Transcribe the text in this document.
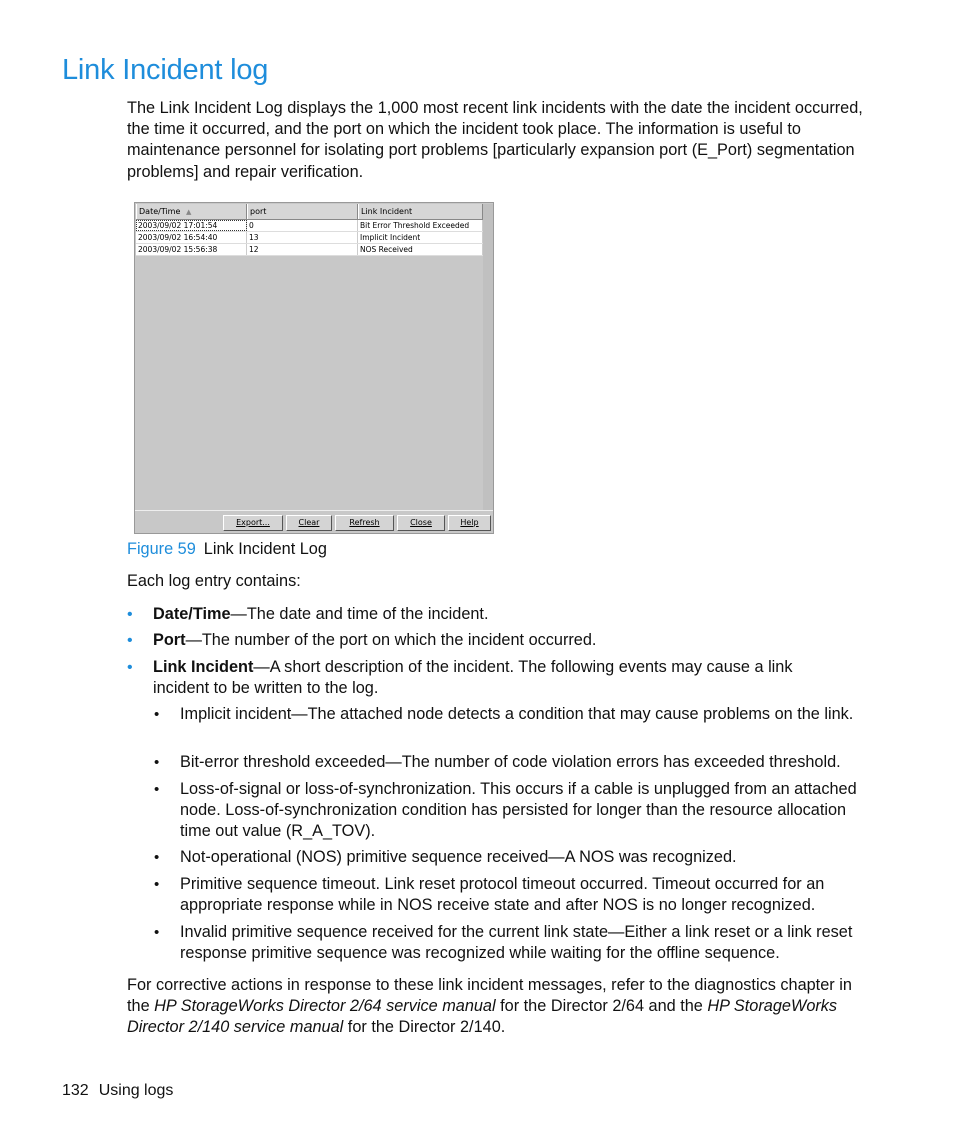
Link Incident log

The Link Incident Log displays the 1,000 most recent link incidents with the date the incident occurred, the time it occurred, and the port on which the incident took place. The information is useful to maintenance personnel for isolating port problems [particularly expansion port (E_Port) segmentation problems] and repair verification.

Date/Time ▲	port	Link Incident
2003/09/02 17:01:54	0	Bit Error Threshold Exceeded
2003/09/02 16:54:40	13	Implicit Incident
2003/09/02 15:56:38	12	NOS Received
Export...	Clear	Refresh	Close	Help
Figure 59 Link Incident Log
Each log entry contains:

• Date/Time—The date and time of the incident.

• Port—The number of the port on which the incident occurred.

• Link Incident—A short description of the incident. The following events may cause a link incident to be written to the log.

• Implicit incident—The attached node detects a condition that may cause problems on the link.

• Bit-error threshold exceeded—The number of code violation errors has exceeded threshold.

• Loss-of-signal or loss-of-synchronization. This occurs if a cable is unplugged from an attached node. Loss-of-synchronization condition has persisted for longer than the resource allocation time out value (R_A_TOV).

• Not-operational (NOS) primitive sequence received—A NOS was recognized.

• Primitive sequence timeout. Link reset protocol timeout occurred. Timeout occurred for an appropriate response while in NOS receive state and after NOS is no longer recognized.

• Invalid primitive sequence received for the current link state—Either a link reset or a link reset response primitive sequence was recognized while waiting for the offline sequence.

For corrective actions in response to these link incident messages, refer to the diagnostics chapter in the HP StorageWorks Director 2/64 service manual for the Director 2/64 and the HP StorageWorks Director 2/140 service manual for the Director 2/140.

132 Using logs
